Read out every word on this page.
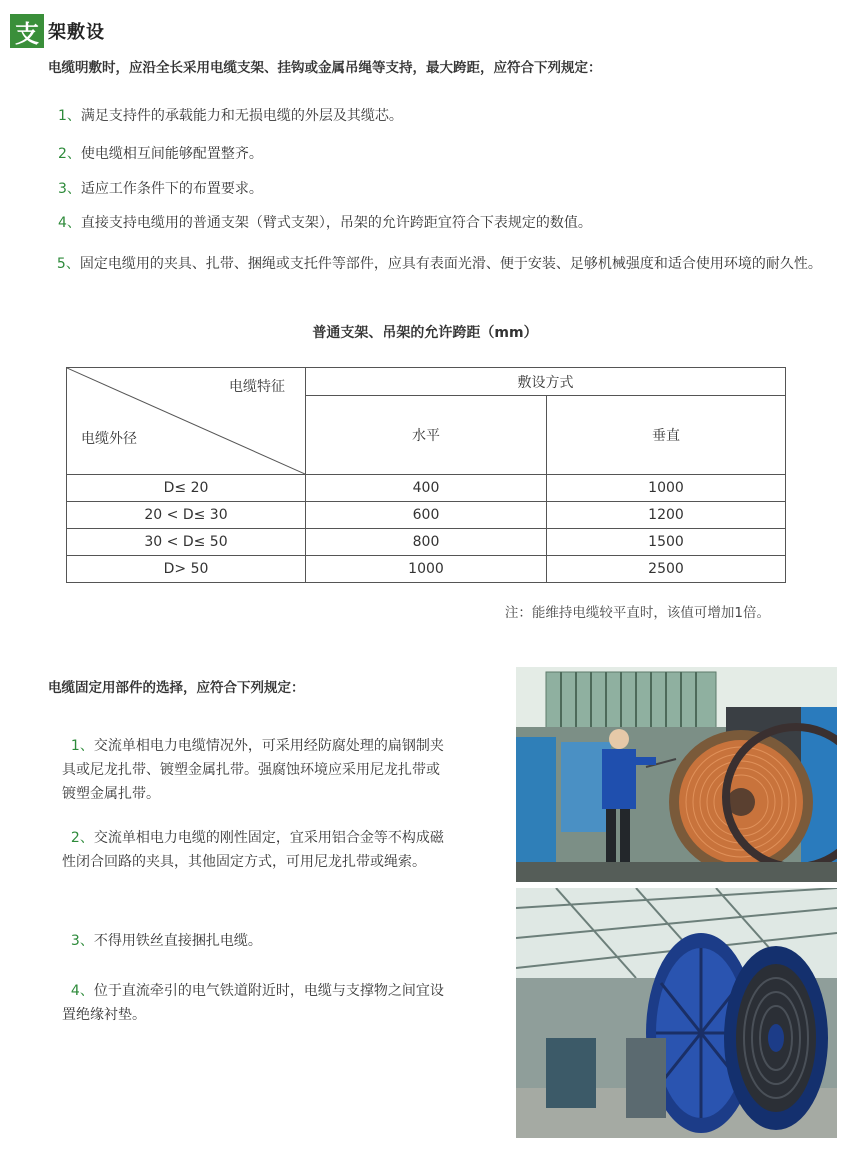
支 架敷设
电缆明敷时，应沿全长采用电缆支架、挂钩或金属吊绳等支持，最大跨距，应符合下列规定：
1、满足支持件的承载能力和无损电缆的外层及其缆芯。
2、使电缆相互间能够配置整齐。
3、适应工作条件下的布置要求。
4、直接支持电缆用的普通支架（臂式支架），吊架的允许跨距宜符合下表规定的数值。
5、固定电缆用的夹具、扎带、捆绳或支托件等部件，应具有表面光滑、便于安装、足够机械强度和适合使用环境的耐久性。
普通支架、吊架的允许跨距（mm）
电缆特征
电缆外径	敷设方式	
	水平	垂直
D≤ 20	400	1000
20 < D≤ 30	600	1200
30 < D≤ 50	800	1500
D> 50	1000	2500
注：能维持电缆较平直时，该值可增加1倍。
电缆固定用部件的选择，应符合下列规定：
1、交流单相电力电缆情况外，可采用经防腐处理的扁钢制夹具或尼龙扎带、镀塑金属扎带。强腐蚀环境应采用尼龙扎带或镀塑金属扎带。
2、交流单相电力电缆的刚性固定，宜采用铝合金等不构成磁性闭合回路的夹具，其他固定方式，可用尼龙扎带或绳索。
3、不得用铁丝直接捆扎电缆。
4、位于直流牵引的电气铁道附近时，电缆与支撑物之间宜设置绝缘衬垫。
